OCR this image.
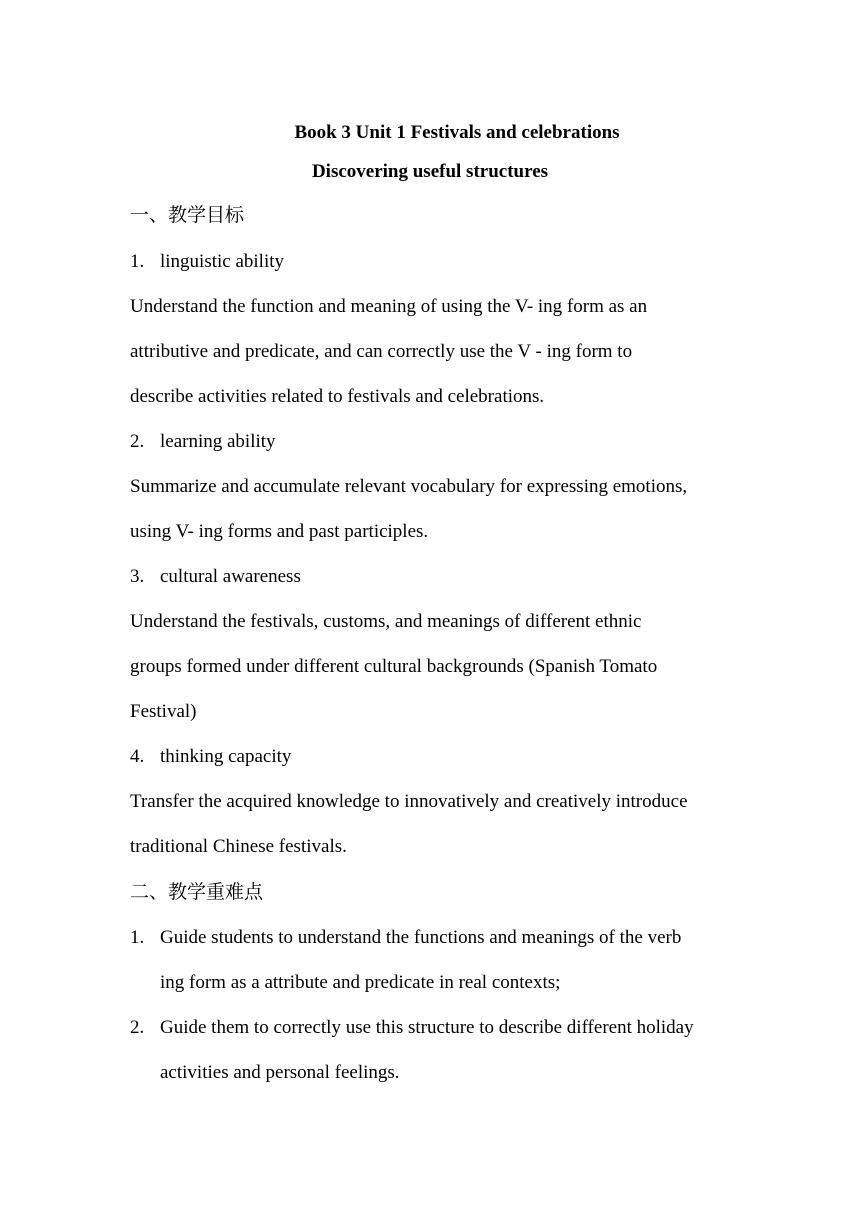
Book 3 Unit 1 Festivals and celebrations
Discovering useful structures
一、教学目标
1. linguistic ability
Understand the function and meaning of using the V- ing form as an
attributive and predicate, and can correctly use the V - ing form to
describe activities related to festivals and celebrations.
2. learning ability
Summarize and accumulate relevant vocabulary for expressing emotions,
using V- ing forms and past participles.
3. cultural awareness
Understand the festivals, customs, and meanings of different ethnic
groups formed under different cultural backgrounds (Spanish Tomato
Festival)
4. thinking capacity
Transfer the acquired knowledge to innovatively and creatively introduce
traditional Chinese festivals.
二、教学重难点
1. Guide students to understand the functions and meanings of the verb
ing form as a attribute and predicate in real contexts;
2. Guide them to correctly use this structure to describe different holiday
activities and personal feelings.
